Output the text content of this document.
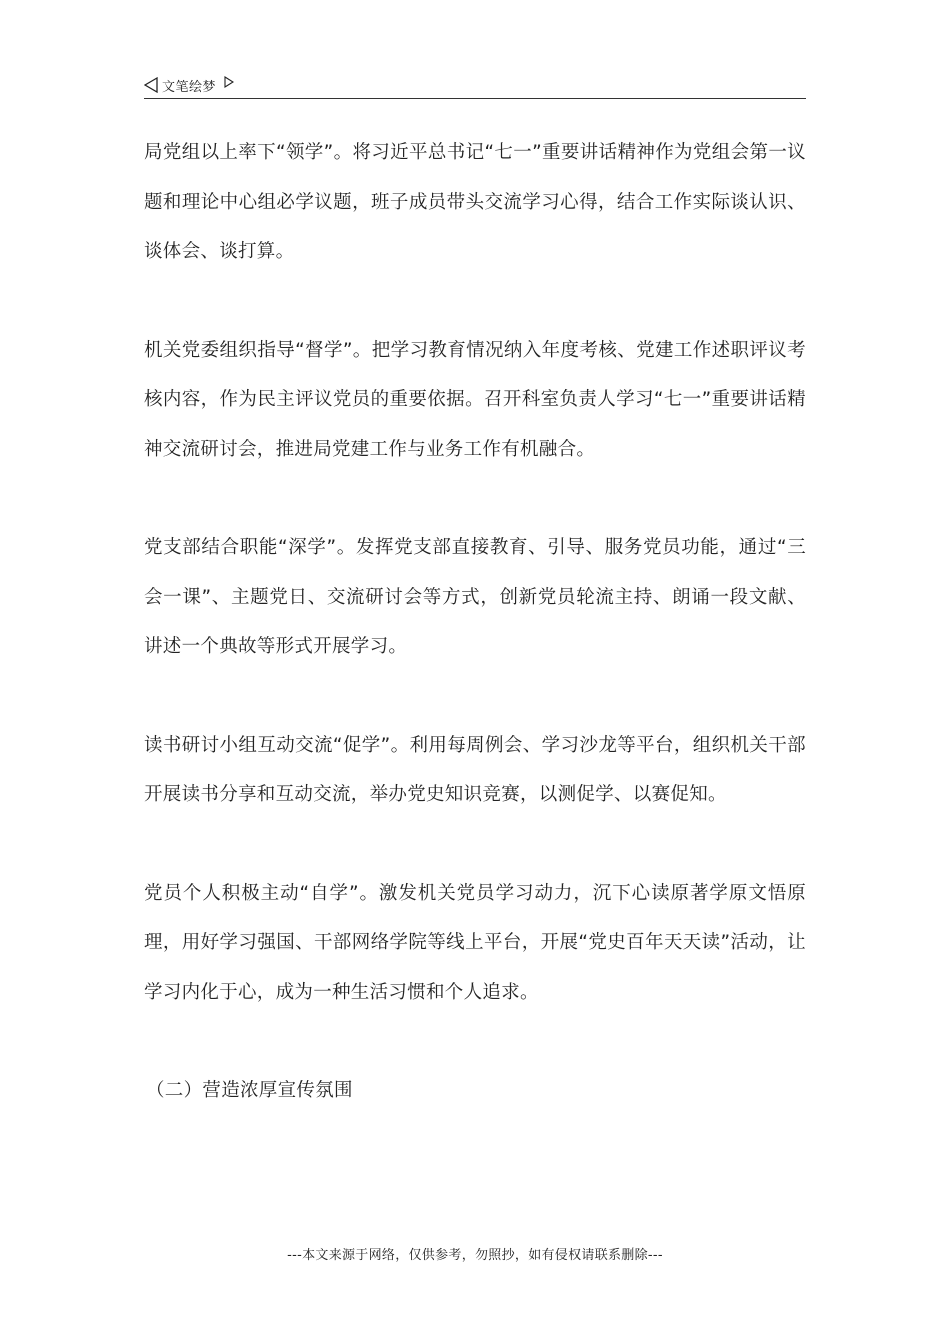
文笔绘梦

局党组以上率下“领学”。将习近平总书记“七一”重要讲话精神作为党组会第一议题和理论中心组必学议题，班子成员带头交流学习心得，结合工作实际谈认识、谈体会、谈打算。

机关党委组织指导“督学”。把学习教育情况纳入年度考核、党建工作述职评议考核内容，作为民主评议党员的重要依据。召开科室负责人学习“七一”重要讲话精神交流研讨会，推进局党建工作与业务工作有机融合。

党支部结合职能“深学”。发挥党支部直接教育、引导、服务党员功能，通过“三会一课”、主题党日、交流研讨会等方式，创新党员轮流主持、朗诵一段文献、讲述一个典故等形式开展学习。

读书研讨小组互动交流“促学”。利用每周例会、学习沙龙等平台，组织机关干部开展读书分享和互动交流，举办党史知识竞赛，以测促学、以赛促知。

党员个人积极主动“自学”。激发机关党员学习动力，沉下心读原著学原文悟原理，用好学习强国、干部网络学院等线上平台，开展“党史百年天天读”活动，让学习内化于心，成为一种生活习惯和个人追求。

（二）营造浓厚宣传氛围

---本文来源于网络，仅供参考，勿照抄，如有侵权请联系删除---
